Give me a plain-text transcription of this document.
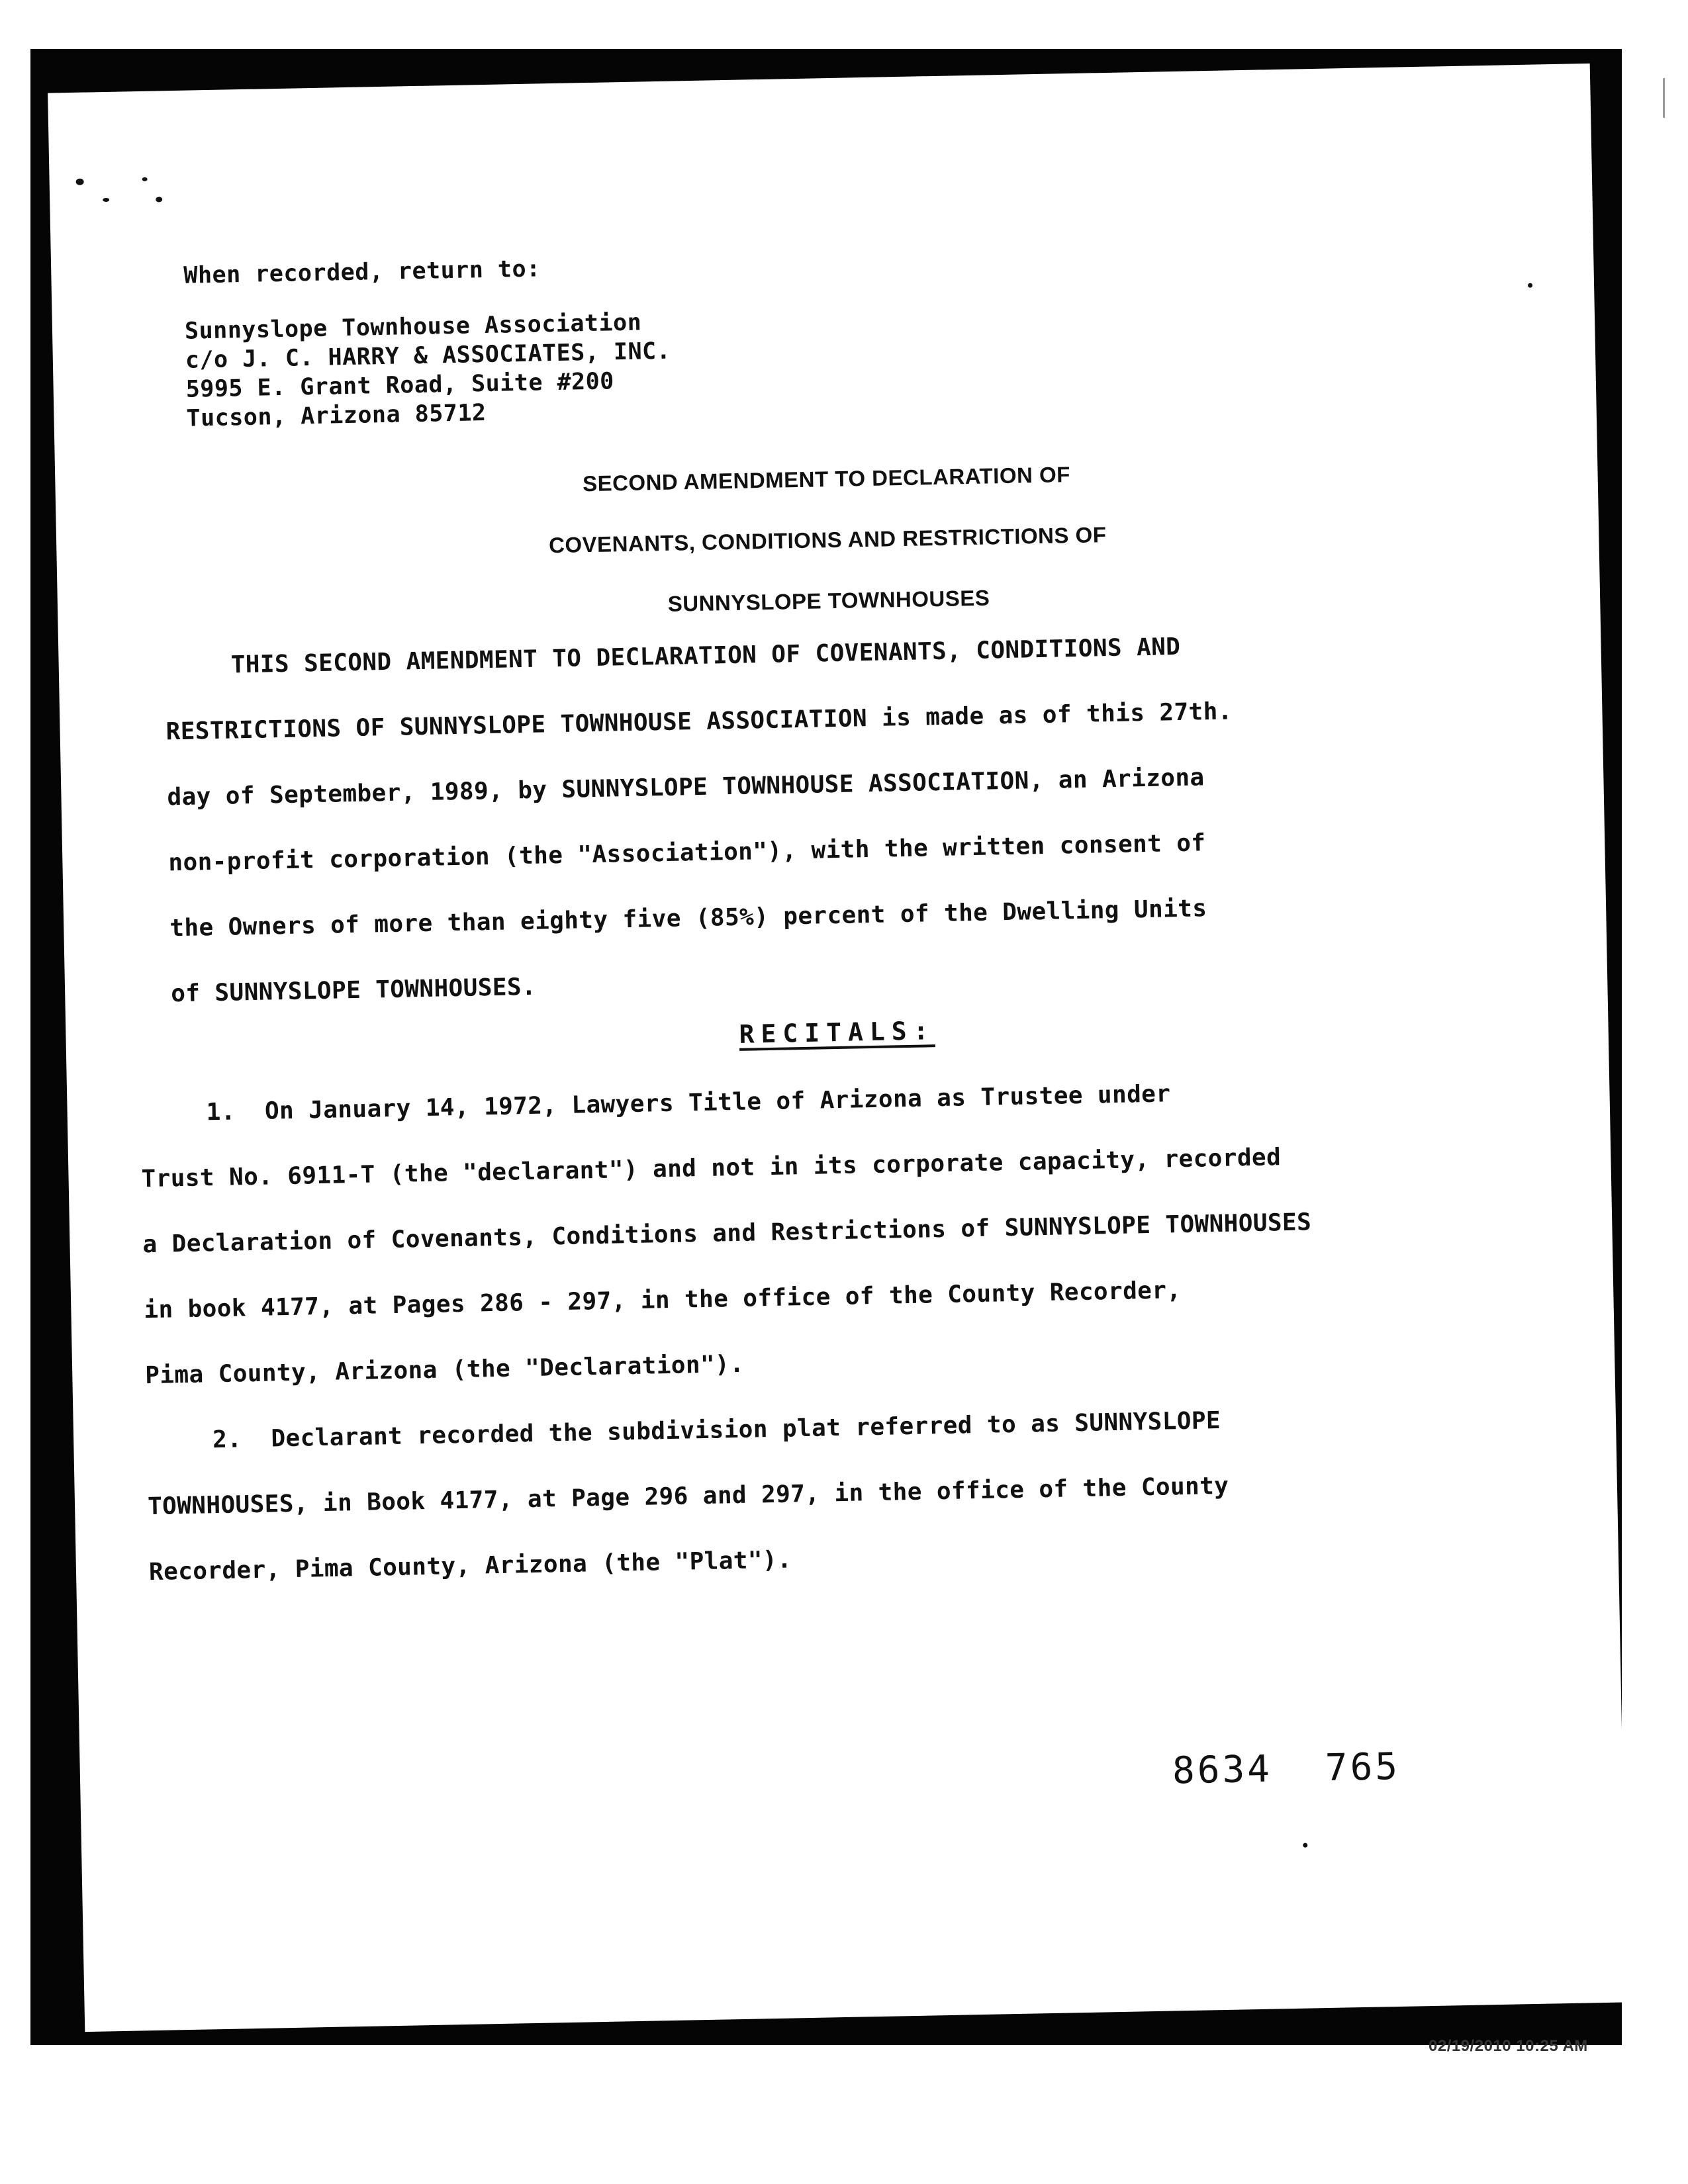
When recorded, return to:
Sunnyslope Townhouse Association
c/o J. C. HARRY & ASSOCIATES, INC.
5995 E. Grant Road, Suite #200
Tucson, Arizona 85712
SECOND AMENDMENT TO DECLARATION OF
COVENANTS, CONDITIONS AND RESTRICTIONS OF
SUNNYSLOPE TOWNHOUSES
THIS SECOND AMENDMENT TO DECLARATION OF COVENANTS, CONDITIONS AND
RESTRICTIONS OF SUNNYSLOPE TOWNHOUSE ASSOCIATION is made as of this 27th.
day of September, 1989, by SUNNYSLOPE TOWNHOUSE ASSOCIATION, an Arizona
non-profit corporation (the "Association"), with the written consent of
the Owners of more than eighty five (85%) percent of the Dwelling Units
of SUNNYSLOPE TOWNHOUSES.
RECITALS:
1.  On January 14, 1972, Lawyers Title of Arizona as Trustee under
Trust No. 6911-T (the "declarant") and not in its corporate capacity, recorded
a Declaration of Covenants, Conditions and Restrictions of SUNNYSLOPE TOWNHOUSES
in book 4177, at Pages 286 - 297, in the office of the County Recorder,
Pima County, Arizona (the "Declaration").
2.  Declarant recorded the subdivision plat referred to as SUNNYSLOPE
TOWNHOUSES, in Book 4177, at Page 296 and 297, in the office of the County
Recorder, Pima County, Arizona (the "Plat").
8634 765
02/19/2010 10:25 AM
